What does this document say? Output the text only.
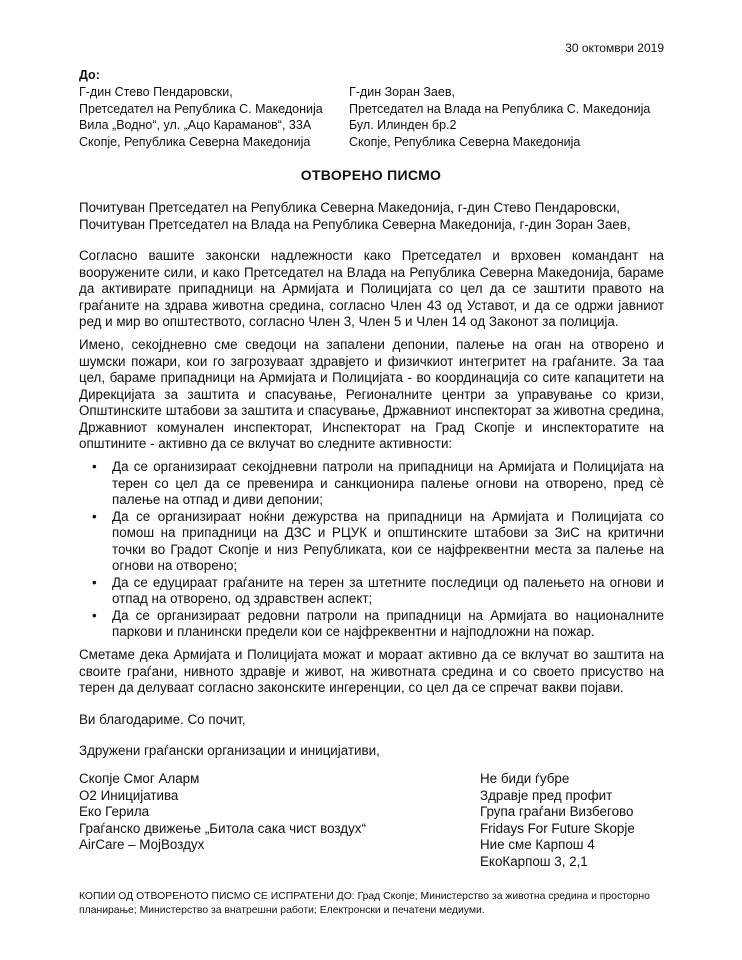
30 октомври 2019
До:
Г-дин Стево Пендаровски,
Претседател на Република С. Македонија
Вила „Водно“, ул. „Ацо Караманов“, 33А
Скопје, Република Северна Македонија
Г-дин Зоран Заев,
Претседател на Влада на Република С. Македонија
Бул. Илинден бр.2
Скопје, Република Северна Македонија
ОТВОРЕНО ПИСМО
Почитуван Претседател на Република Северна Македонија, г-дин Стево Пендаровски,
Почитуван Претседател на Влада на Република Северна Македонија, г-дин Зоран Заев,

Согласно вашите законски надлежности како Претседател и врховен командант на вооружените сили, и како Претседател на Влада на Република Северна Македонија, бараме да активирате припадници на Армијата и Полицијата со цел да се заштити правото на граѓаните на здрава животна средина, согласно Член 43 од Уставот, и да се одржи јавниот ред и мир во општеството, согласно Член 3, Член 5 и Член 14 од Законот за полиција.

Имено, секојдневно сме сведоци на запалени депонии, палење на оган на отворено и шумски пожари, кои го загрозуваат здравјето и физичкиот интегритет на граѓаните. За таа цел, бараме припадници на Армијата и Полицијата - во координација со сите капацитети на Дирекцијата за заштита и спасување, Регионалните центри за управување со кризи, Општинските штабови за заштита и спасување, Државниот инспекторат за животна средина, Државниот комунален инспекторат, Инспекторат на Град Скопје и инспекторатите на општините - активно да се вклучат во следните активности:

• Да се организираат секојдневни патроли на припадници на Армијата и Полицијата на терен со цел да се превенира и санкционира палење огнови на отворено, пред сѐ палење на отпад и диви депонии;
• Да се организираат ноќни дежурства на припадници на Армијата и Полицијата со помош на припадници на ДЗС и РЦУК и општинските штабови за ЗиС на критични точки во Градот Скопје и низ Републиката, кои се најфреквентни места за палење на огнови на отворено;
• Да се едуцираат граѓаните на терен за штетните последици од палењето на огнови и отпад на отворено, од здравствен аспект;
• Да се организираат редовни патроли на припадници на Армијата во националните паркови и планински предели кои се најфреквентни и најподложни на пожар.

Сметаме дека Армијата и Полицијата можат и мораат активно да се вклучат во заштита на своите граѓани, нивното здравје и живот, на животната средина и со своето присуство на терен да делуваат согласно законските ингеренции, со цел да се спречат вакви појави.

Ви благодариме. Со почит,
Здружени граѓански организации и иницијативи,
Скопје Смог Аларм
О2 Иницијатива
Еко Герила
Граѓанско движење „Битола сака чист воздух“
AirCare – МојВоздух
Не биди ѓубре
Здравје пред профит
Група граѓани Визбегово
Fridays For Future Skopje
Ние сме Карпош 4
ЕкоКарпош 3, 2,1
КОПИИ ОД ОТВОРЕНОТО ПИСМО СЕ ИСПРАТЕНИ ДО: Град Скопје; Министерство за животна средина и просторно планирање; Министерство за внатрешни работи; Електронски и печатени медиуми.
